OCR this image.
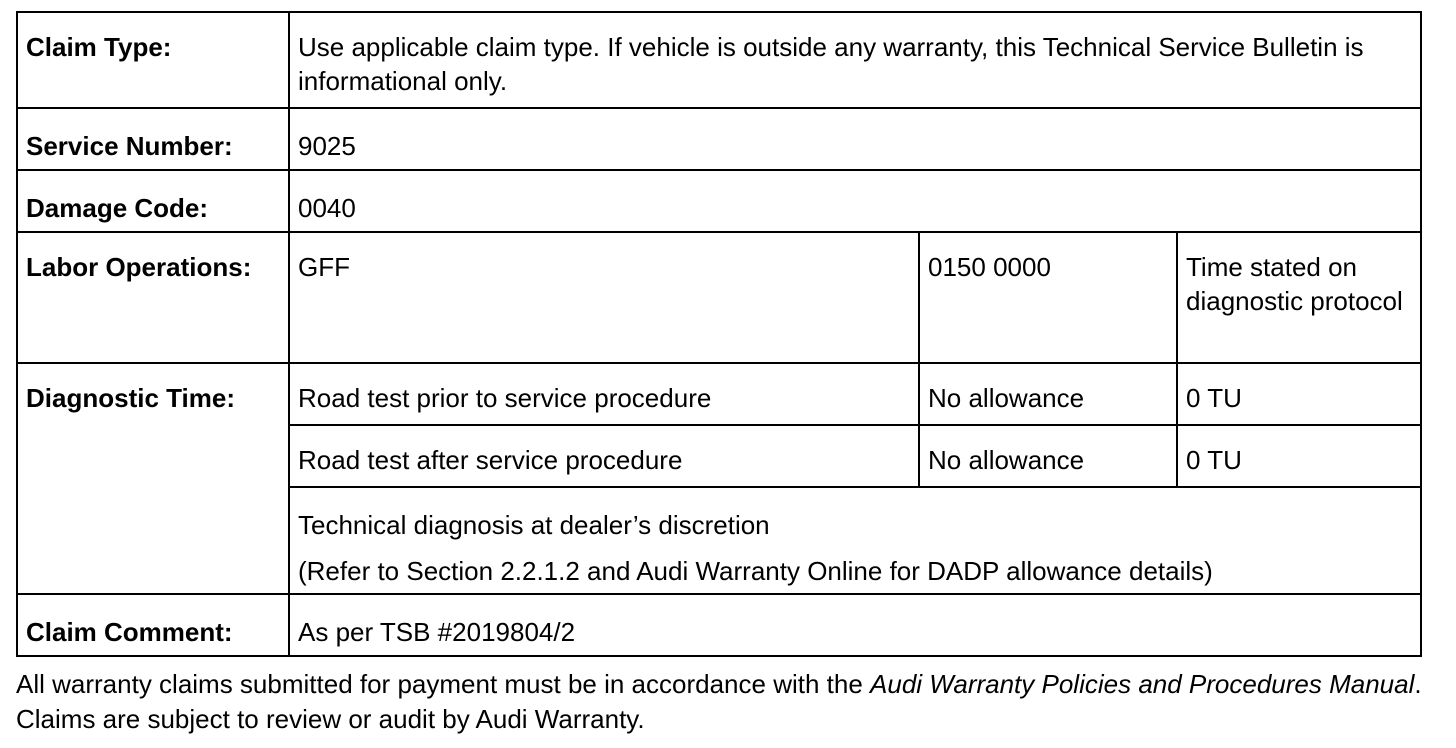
Claim Type:	Use applicable claim type. If vehicle is outside any warranty, this Technical Service Bulletin is informational only.		

Service Number:	9025		

Damage Code:	0040		

Labor Operations:	GFF	0150 0000	Time stated on diagnostic protocol

Diagnostic Time:	Road test prior to service procedure	No allowance	0 TU

	Road test after service procedure	No allowance	0 TU

	Technical diagnosis at dealer’s discretion
(Refer to Section 2.2.1.2 and Audi Warranty Online for DADP allowance details)		

Claim Comment:	As per TSB #2019804/2		
All warranty claims submitted for payment must be in accordance with the Audi Warranty Policies and Procedures Manual. Claims are subject to review or audit by Audi Warranty.
